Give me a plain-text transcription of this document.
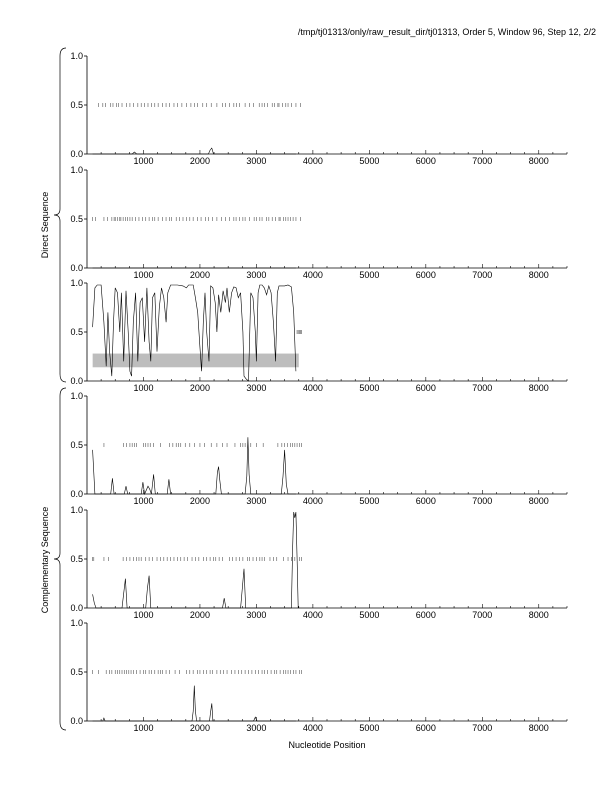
/tmp/tj01313/only/raw_result_dir/tj01313, Order 5, Window 96, Step 12, 2/2
0.0
0.5
1.0
1000	2000	3000	4000	5000	6000	7000	8000
0.0
0.5
1.0
1000	2000	3000	4000	5000	6000	7000	8000
0.0
0.5
1.0
1000	2000	3000	4000	5000	6000	7000	8000
0.0
0.5
1.0
1000	2000	3000	4000	5000	6000	7000	8000
0.0
0.5
1.0
1000	2000	3000	4000	5000	6000	7000	8000
0.0
0.5
1.0
1000	2000	3000	4000	5000	6000	7000	8000
Direct Sequence
Complementary Sequence
Nucleotide Position
